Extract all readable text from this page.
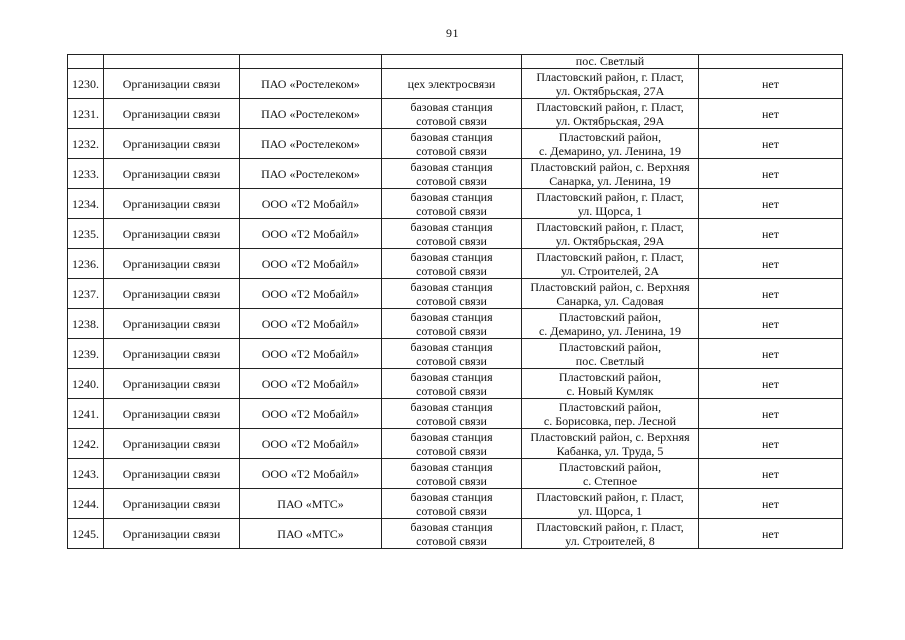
91
				пос. Светлый	
1230.	Организации связи	ПАО «Ростелеком»	цех электросвязи	Пластовский район, г. Пласт,
ул. Октябрьская, 27А	нет
1231.	Организации связи	ПАО «Ростелеком»	базовая станция
сотовой связи	Пластовский район, г. Пласт,
ул. Октябрьская, 29А	нет
1232.	Организации связи	ПАО «Ростелеком»	базовая станция
сотовой связи	Пластовский район,
с. Демарино, ул. Ленина, 19	нет
1233.	Организации связи	ПАО «Ростелеком»	базовая станция
сотовой связи	Пластовский район, с. Верхняя
Санарка, ул. Ленина, 19	нет
1234.	Организации связи	ООО «Т2 Мобайл»	базовая станция
сотовой связи	Пластовский район, г. Пласт,
ул. Щорса, 1	нет
1235.	Организации связи	ООО «Т2 Мобайл»	базовая станция
сотовой связи	Пластовский район, г. Пласт,
ул. Октябрьская, 29А	нет
1236.	Организации связи	ООО «Т2 Мобайл»	базовая станция
сотовой связи	Пластовский район, г. Пласт,
ул. Строителей, 2А	нет
1237.	Организации связи	ООО «Т2 Мобайл»	базовая станция
сотовой связи	Пластовский район, с. Верхняя
Санарка, ул. Садовая	нет
1238.	Организации связи	ООО «Т2 Мобайл»	базовая станция
сотовой связи	Пластовский район,
с. Демарино, ул. Ленина, 19	нет
1239.	Организации связи	ООО «Т2 Мобайл»	базовая станция
сотовой связи	Пластовский район,
пос. Светлый	нет
1240.	Организации связи	ООО «Т2 Мобайл»	базовая станция
сотовой связи	Пластовский район,
с. Новый Кумляк	нет
1241.	Организации связи	ООО «Т2 Мобайл»	базовая станция
сотовой связи	Пластовский район,
с. Борисовка, пер. Лесной	нет
1242.	Организации связи	ООО «Т2 Мобайл»	базовая станция
сотовой связи	Пластовский район, с. Верхняя
Кабанка, ул. Труда, 5	нет
1243.	Организации связи	ООО «Т2 Мобайл»	базовая станция
сотовой связи	Пластовский район,
с. Степное	нет
1244.	Организации связи	ПАО «МТС»	базовая станция
сотовой связи	Пластовский район, г. Пласт,
ул. Щорса, 1	нет
1245.	Организации связи	ПАО «МТС»	базовая станция
сотовой связи	Пластовский район, г. Пласт,
ул. Строителей, 8	нет
